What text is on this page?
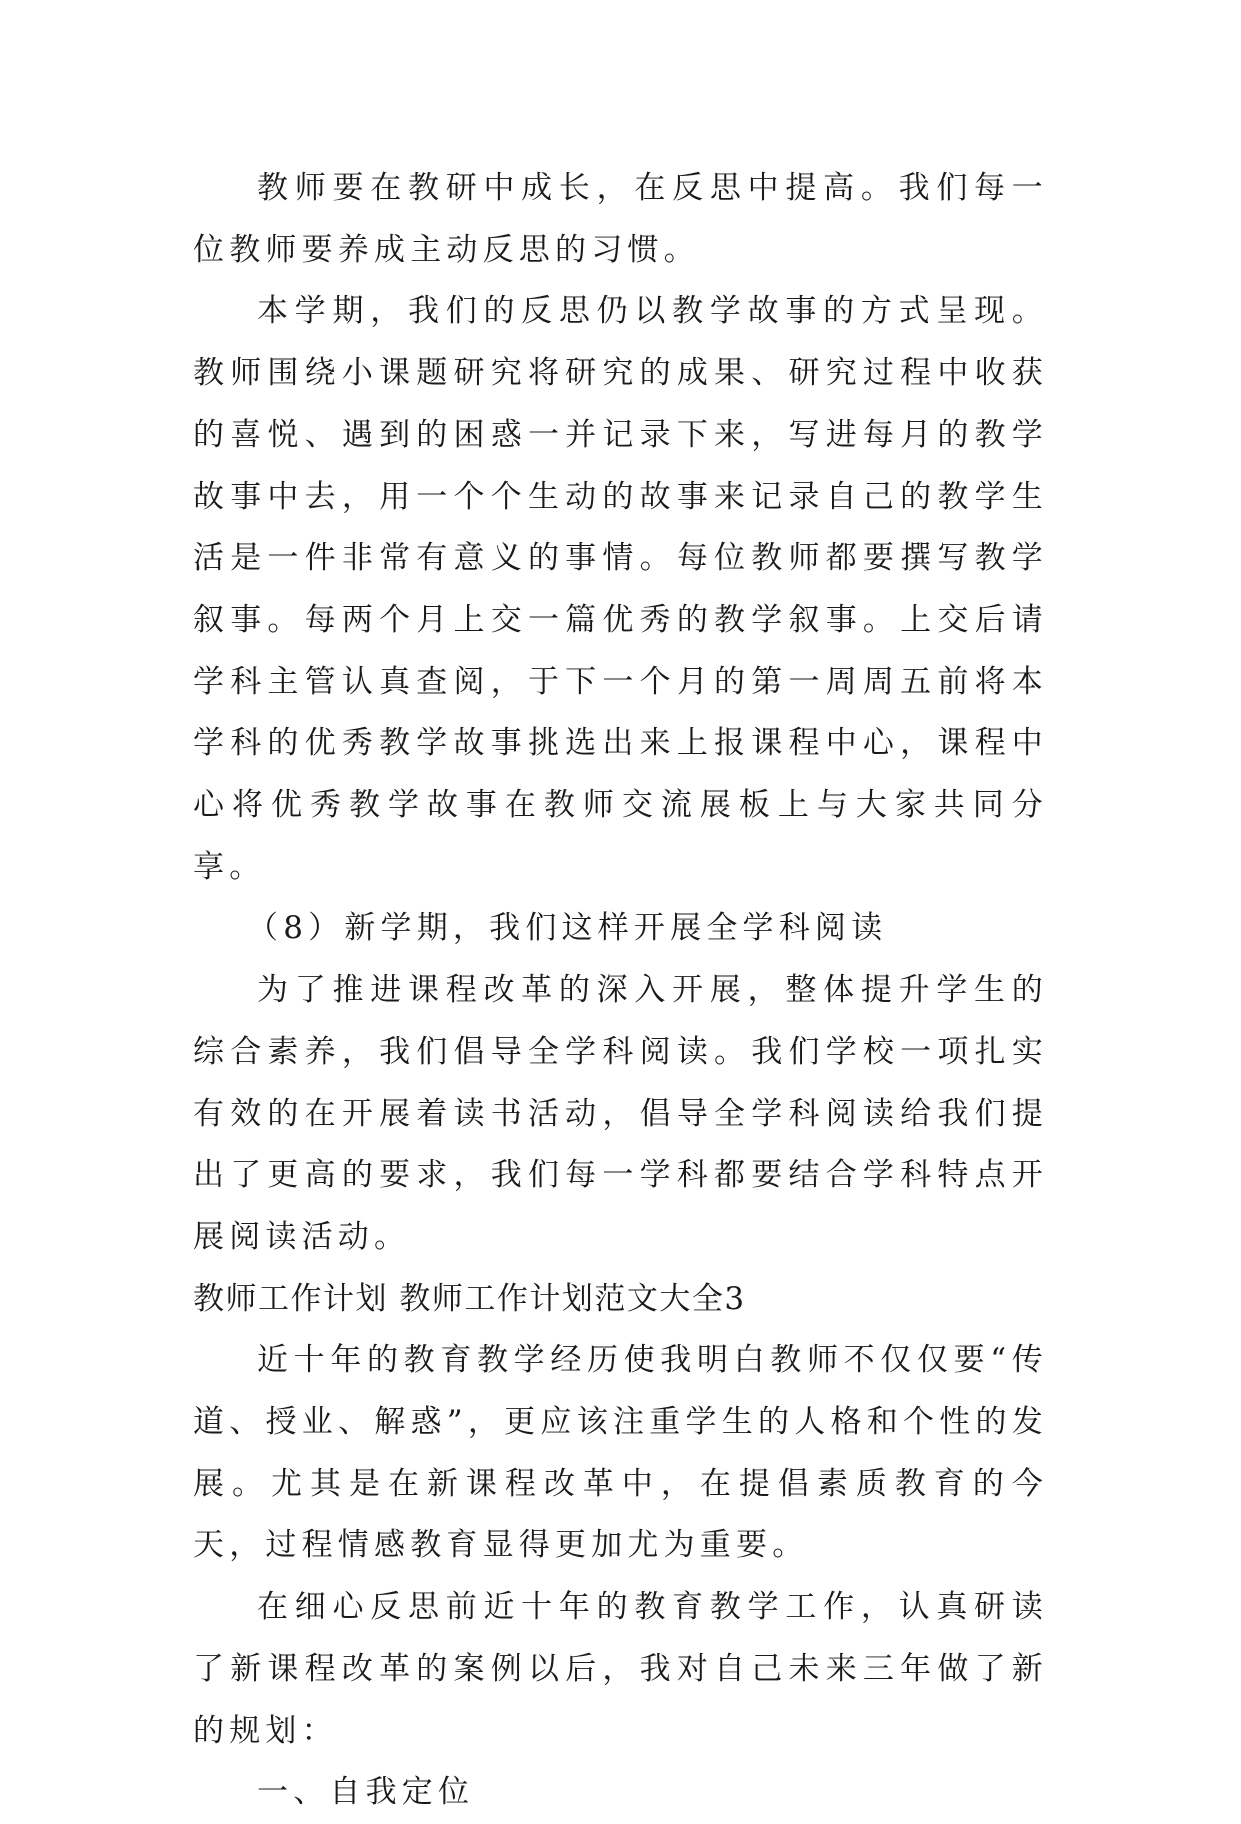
教师要在教研中成长，在反思中提高。我们每一位教师要养成主动反思的习惯。

本学期，我们的反思仍以教学故事的方式呈现。教师围绕小课题研究将研究的成果、研究过程中收获的喜悦、遇到的困惑一并记录下来，写进每月的教学故事中去，用一个个生动的故事来记录自己的教学生活是一件非常有意义的事情。每位教师都要撰写教学叙事。每两个月上交一篇优秀的教学叙事。上交后请学科主管认真查阅，于下一个月的第一周周五前将本学科的优秀教学故事挑选出来上报课程中心，课程中心将优秀教学故事在教师交流展板上与大家共同分享。

（8）新学期，我们这样开展全学科阅读

为了推进课程改革的深入开展，整体提升学生的综合素养，我们倡导全学科阅读。我们学校一项扎实有效的在开展着读书活动，倡导全学科阅读给我们提出了更高的要求，我们每一学科都要结合学科特点开展阅读活动。

教师工作计划 教师工作计划范文大全3

近十年的教育教学经历使我明白教师不仅仅要“传道、授业、解惑”，更应该注重学生的人格和个性的发展。尤其是在新课程改革中，在提倡素质教育的今天，过程情感教育显得更加尤为重要。

在细心反思前近十年的教育教学工作，认真研读了新课程改革的案例以后，我对自己未来三年做了新的规划：

一、自我定位
